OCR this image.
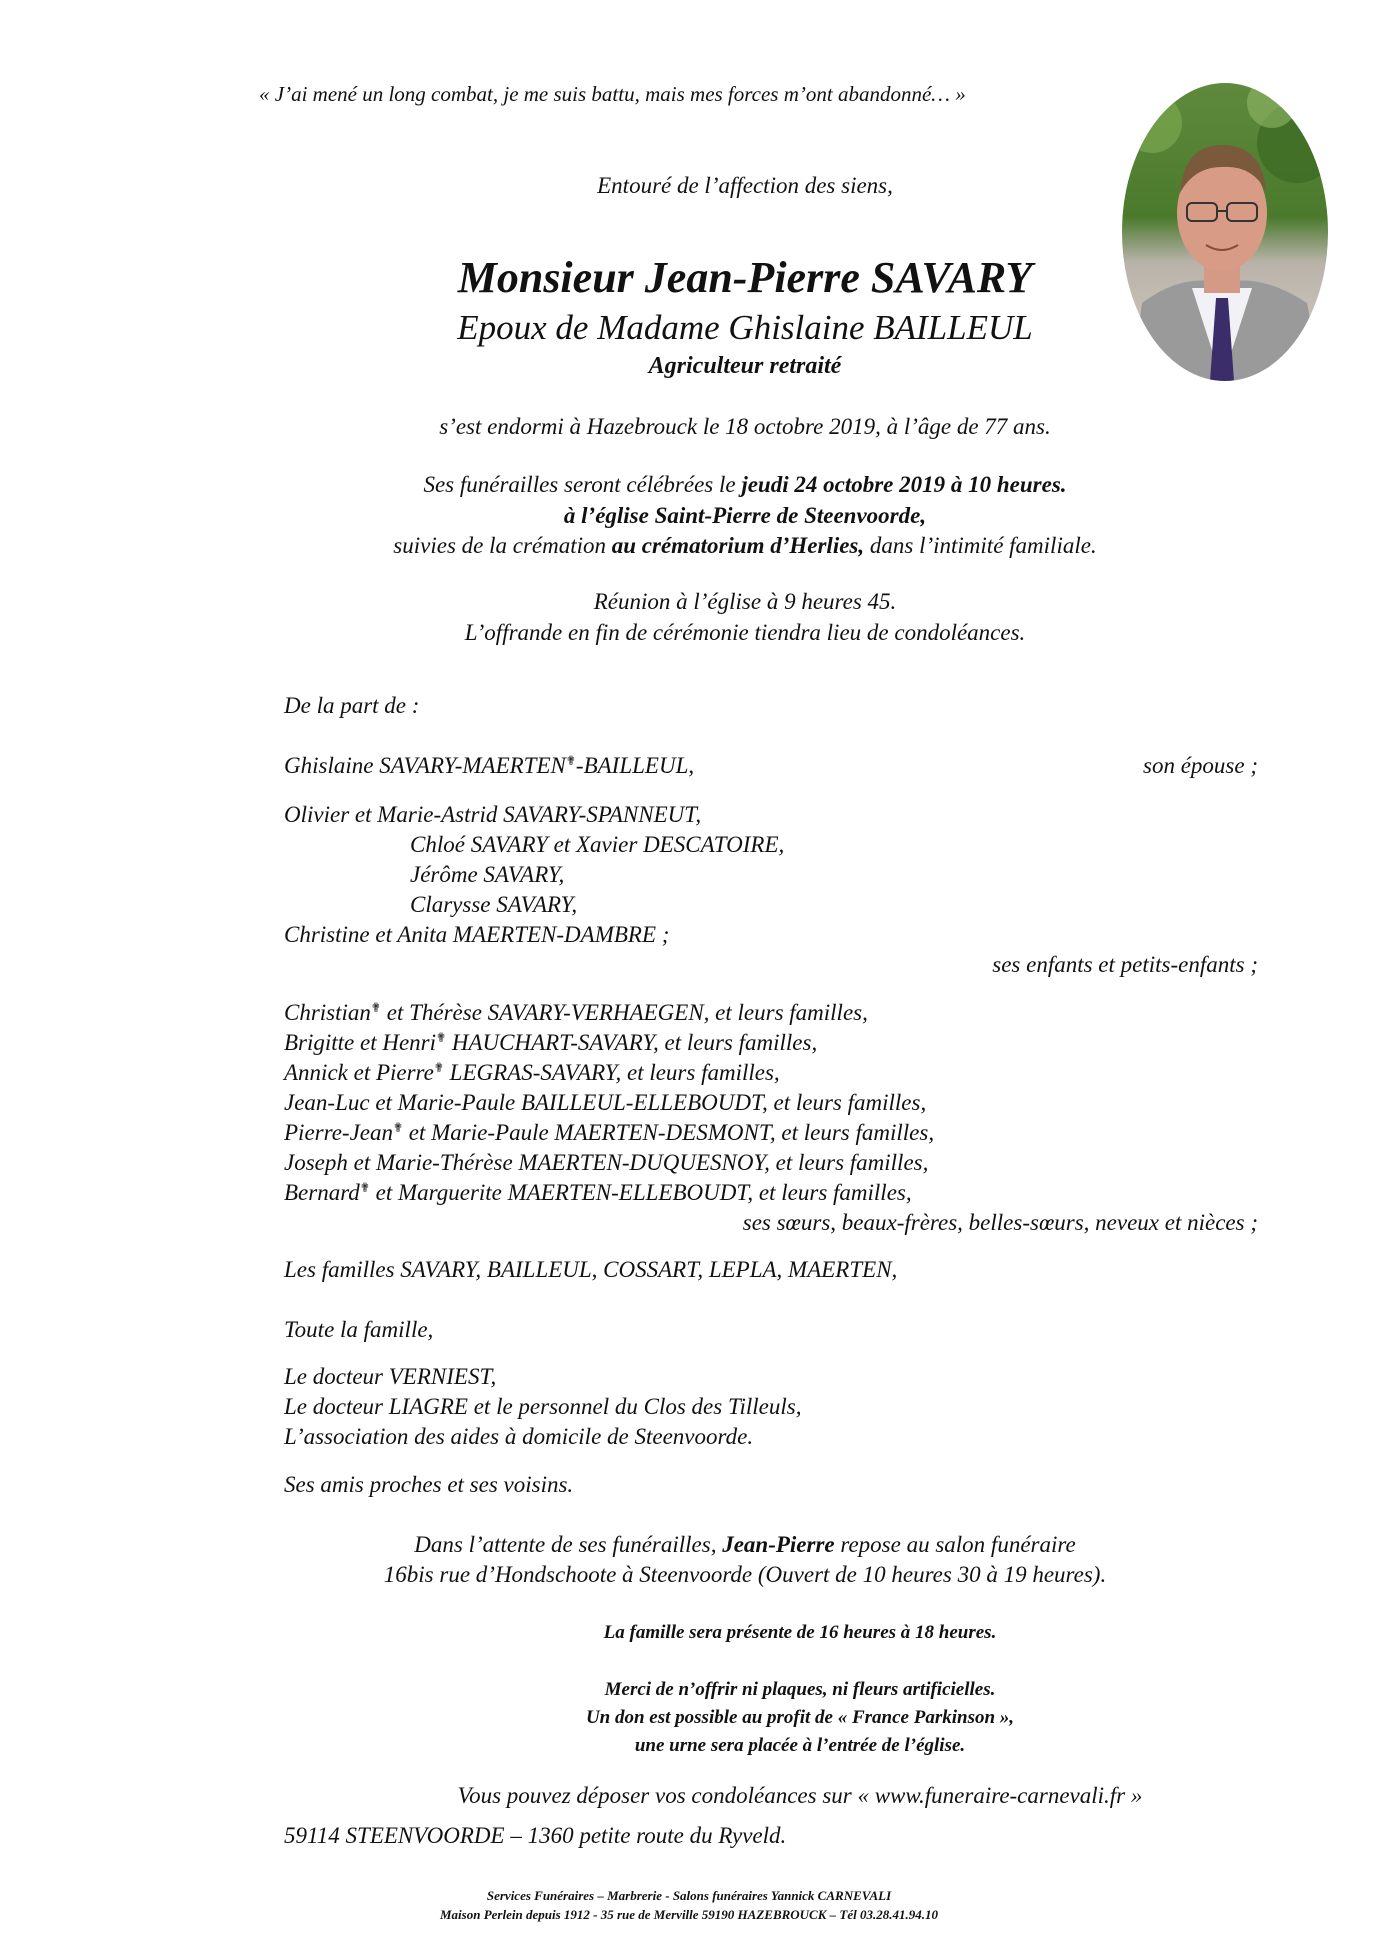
« J’ai mené un long combat, je me suis battu, mais mes forces m’ont abandonné… »
Entouré de l’affection des siens,
Monsieur Jean-Pierre SAVARY
Epoux de Madame Ghislaine BAILLEUL
Agriculteur retraité
s’est endormi à Hazebrouck le 18 octobre 2019, à l’âge de 77 ans.
Ses funérailles seront célébrées le jeudi 24 octobre 2019 à 10 heures.
à l’église Saint-Pierre de Steenvoorde,
suivies de la crémation au crématorium d’Herlies, dans l’intimité familiale.
Réunion à l’église à 9 heures 45.
L’offrande en fin de cérémonie tiendra lieu de condoléances.
De la part de :
Ghislaine SAVARY-MAERTEN✟-BAILLEUL,	son épouse ;
Olivier et Marie-Astrid SAVARY-SPANNEUT,
Chloé SAVARY et Xavier DESCATOIRE,
Jérôme SAVARY,
Clarysse SAVARY,
Christine et Anita MAERTEN-DAMBRE ;
ses enfants et petits-enfants ;
Christian✟ et Thérèse SAVARY-VERHAEGEN, et leurs familles,
Brigitte et Henri✟ HAUCHART-SAVARY, et leurs familles,
Annick et Pierre✟ LEGRAS-SAVARY, et leurs familles,
Jean-Luc et Marie-Paule BAILLEUL-ELLEBOUDT, et leurs familles,
Pierre-Jean✟ et Marie-Paule MAERTEN-DESMONT, et leurs familles,
Joseph et Marie-Thérèse MAERTEN-DUQUESNOY, et leurs familles,
Bernard✟ et Marguerite MAERTEN-ELLEBOUDT, et leurs familles,
ses sœurs, beaux-frères, belles-sœurs, neveux et nièces ;
Les familles SAVARY, BAILLEUL, COSSART, LEPLA, MAERTEN,
Toute la famille,
Le docteur VERNIEST,
Le docteur LIAGRE et le personnel du Clos des Tilleuls,
L’association des aides à domicile de Steenvoorde.
Ses amis proches et ses voisins.
Dans l’attente de ses funérailles, Jean-Pierre repose au salon funéraire
16bis rue d’Hondschoote à Steenvoorde (Ouvert de 10 heures 30 à 19 heures).
La famille sera présente de 16 heures à 18 heures.
Merci de n’offrir ni plaques, ni fleurs artificielles.
Un don est possible au profit de « France Parkinson »,
une urne sera placée à l’entrée de l’église.
Vous pouvez déposer vos condoléances sur « www.funeraire-carnevali.fr »
59114 STEENVOORDE – 1360 petite route du Ryveld.
Services Funéraires – Marbrerie - Salons funéraires Yannick CARNEVALI
Maison Perlein depuis 1912 - 35 rue de Merville 59190 HAZEBROUCK – Tél 03.28.41.94.10
